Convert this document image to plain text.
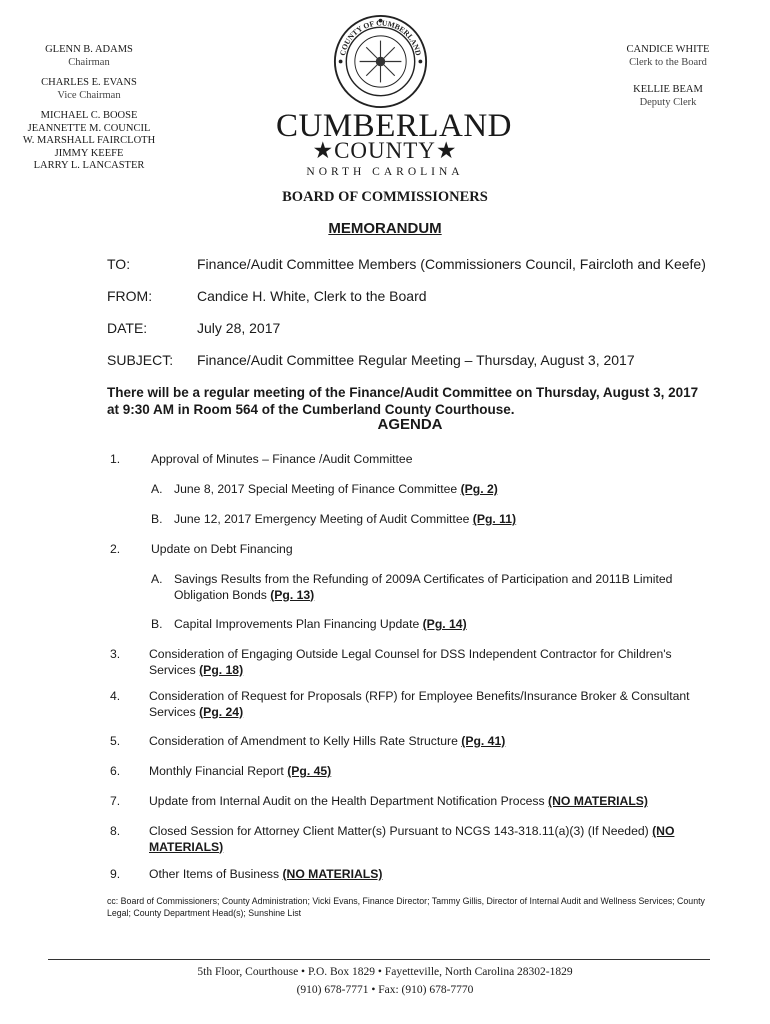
GLENN B. ADAMS
Chairman
CHARLES E. EVANS
Vice Chairman
MICHAEL C. BOOSE
JEANNETTE M. COUNCIL
W. MARSHALL FAIRCLOTH
JIMMY KEEFE
LARRY L. LANCASTER
CANDICE WHITE
Clerk to the Board
KELLIE BEAM
Deputy Clerk
COUNTY OF CUMBERLAND
CUMBERLAND
★COUNTY★
NORTH CAROLINA
BOARD OF COMMISSIONERS
MEMORANDUM
TO:	Finance/Audit Committee Members (Commissioners Council, Faircloth and Keefe)
FROM:	Candice H. White, Clerk to the Board
DATE:	July 28, 2017
SUBJECT: Finance/Audit Committee Regular Meeting – Thursday, August 3, 2017
There will be a regular meeting of the Finance/Audit Committee on Thursday, August 3, 2017 at 9:30 AM in Room 564 of the Cumberland County Courthouse.
AGENDA
1.	Approval of Minutes – Finance /Audit Committee
A. June 8, 2017 Special Meeting of Finance Committee (Pg. 2)
B. June 12, 2017 Emergency Meeting of Audit Committee (Pg. 11)
2.	Update on Debt Financing
A. Savings Results from the Refunding of 2009A Certificates of Participation and 2011B Limited Obligation Bonds (Pg. 13)
B. Capital Improvements Plan Financing Update (Pg. 14)
3.	Consideration of Engaging Outside Legal Counsel for DSS Independent Contractor for Children's Services (Pg. 18)
4.	Consideration of Request for Proposals (RFP) for Employee Benefits/Insurance Broker & Consultant Services (Pg. 24)
5.	Consideration of Amendment to Kelly Hills Rate Structure (Pg. 41)
6.	Monthly Financial Report (Pg. 45)
7.	Update from Internal Audit on the Health Department Notification Process (NO MATERIALS)
8.	Closed Session for Attorney Client Matter(s) Pursuant to NCGS 143-318.11(a)(3) (If Needed) (NO MATERIALS)
9.	Other Items of Business (NO MATERIALS)
cc: Board of Commissioners; County Administration; Vicki Evans, Finance Director; Tammy Gillis, Director of Internal Audit and Wellness Services; County Legal; County Department Head(s); Sunshine List
5th Floor, Courthouse • P.O. Box 1829 • Fayetteville, North Carolina 28302-1829
(910) 678-7771 • Fax: (910) 678-7770
